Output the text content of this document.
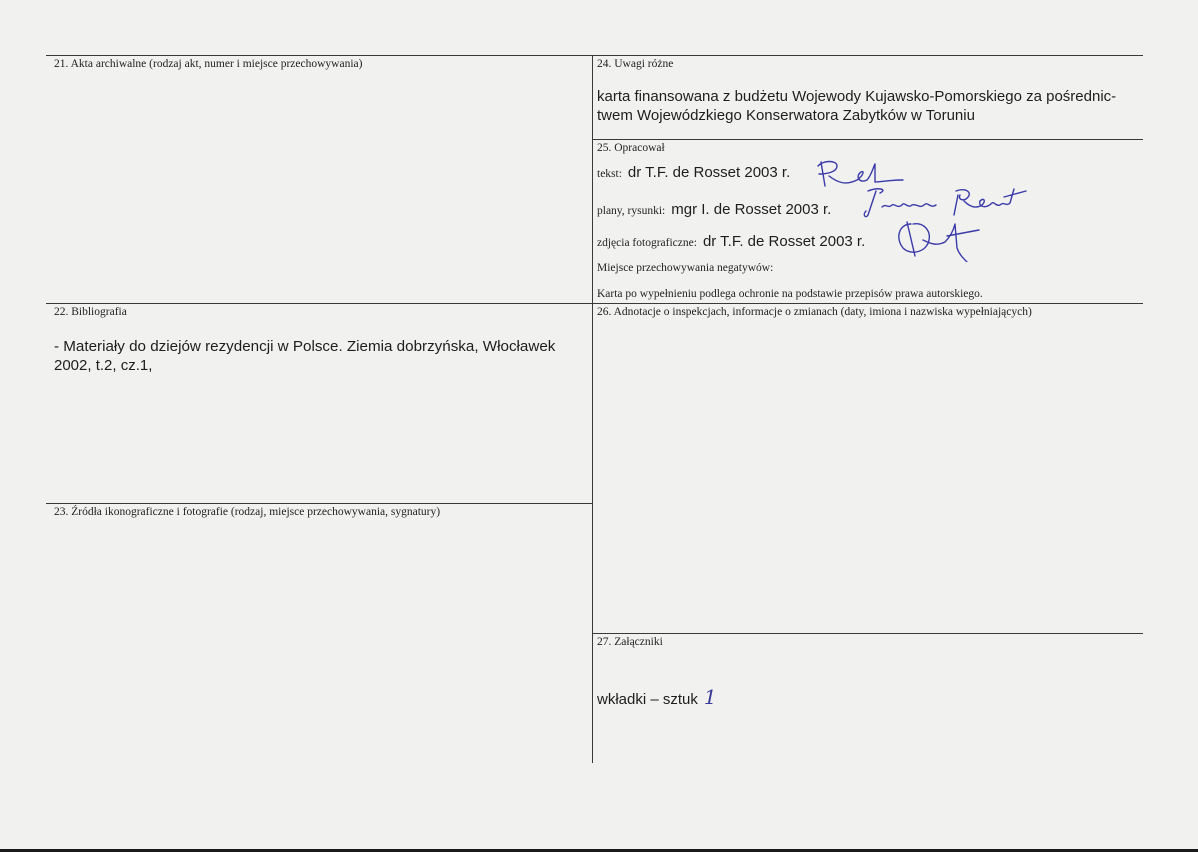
21. Akta archiwalne (rodzaj akt, numer i miejsce przechowywania)
22. Bibliografia
- Materiały do dziejów rezydencji w Polsce. Ziemia dobrzyńska, Włocławek
2002, t.2, cz.1,
23. Źródła ikonograficzne i fotografie (rodzaj, miejsce przechowywania, sygnatury)
24. Uwagi różne
karta finansowana z budżetu Wojewody Kujawsko-Pomorskiego za pośrednic-
twem Wojewódzkiego Konserwatora Zabytków w Toruniu
25. Opracował
tekst: dr T.F. de Rosset 2003 r.
plany, rysunki: mgr I. de Rosset 2003 r.
zdjęcia fotograficzne: dr T.F. de Rosset 2003 r.
Miejsce przechowywania negatywów:
Karta po wypełnieniu podlega ochronie na podstawie przepisów prawa autorskiego.
26. Adnotacje o inspekcjach, informacje o zmianach (daty, imiona i nazwiska wypełniających)
27. Załączniki
wkładki – sztuk 1
